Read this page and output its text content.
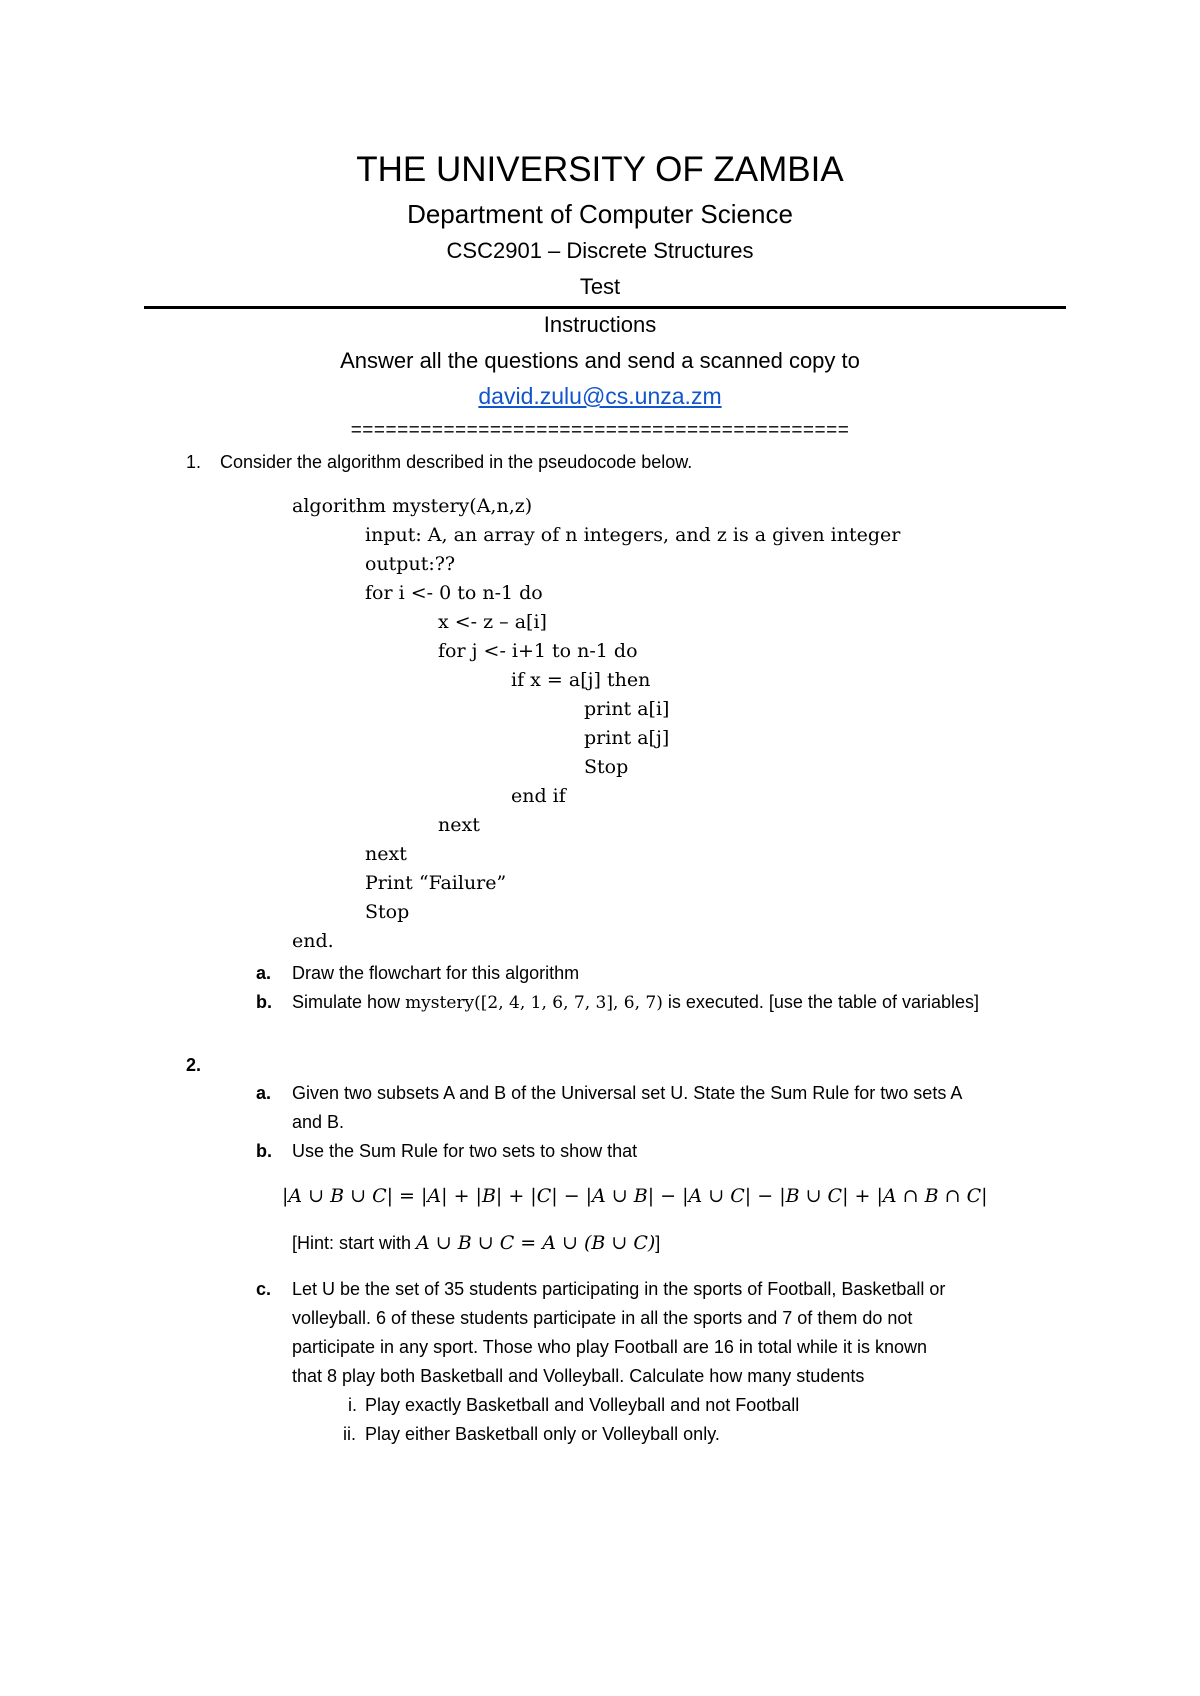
THE UNIVERSITY OF ZAMBIA
Department of Computer Science
CSC2901 – Discrete Structures
Test
Instructions
Answer all the questions and send a scanned copy to
david.zulu@cs.unza.zm
===========================================
1. Consider the algorithm described in the pseudocode below.
algorithm mystery(A,n,z)
input: A, an array of n integers, and z is a given integer
output:??
for i <- 0 to n-1 do
x <- z – a[i]
for j <- i+1 to n-1 do
if x = a[j] then
print a[i]
print a[j]
Stop
end if
next
next
Print “Failure”
Stop
end.
a. Draw the flowchart for this algorithm
b. Simulate how mystery([2, 4, 1, 6, 7, 3], 6, 7) is executed. [use the table of variables]
2.
a. Given two subsets A and B of the Universal set U. State the Sum Rule for two sets A
and B.
b. Use the Sum Rule for two sets to show that
|A ∪ B ∪ C| = |A| + |B| + |C| − |A ∪ B| − |A ∪ C| − |B ∪ C| + |A ∩ B ∩ C|
[Hint: start with A ∪ B ∪ C = A ∪ (B ∪ C)]
c. Let U be the set of 35 students participating in the sports of Football, Basketball or
volleyball. 6 of these students participate in all the sports and 7 of them do not
participate in any sport. Those who play Football are 16 in total while it is known
that 8 play both Basketball and Volleyball. Calculate how many students
i. Play exactly Basketball and Volleyball and not Football
ii. Play either Basketball only or Volleyball only.
